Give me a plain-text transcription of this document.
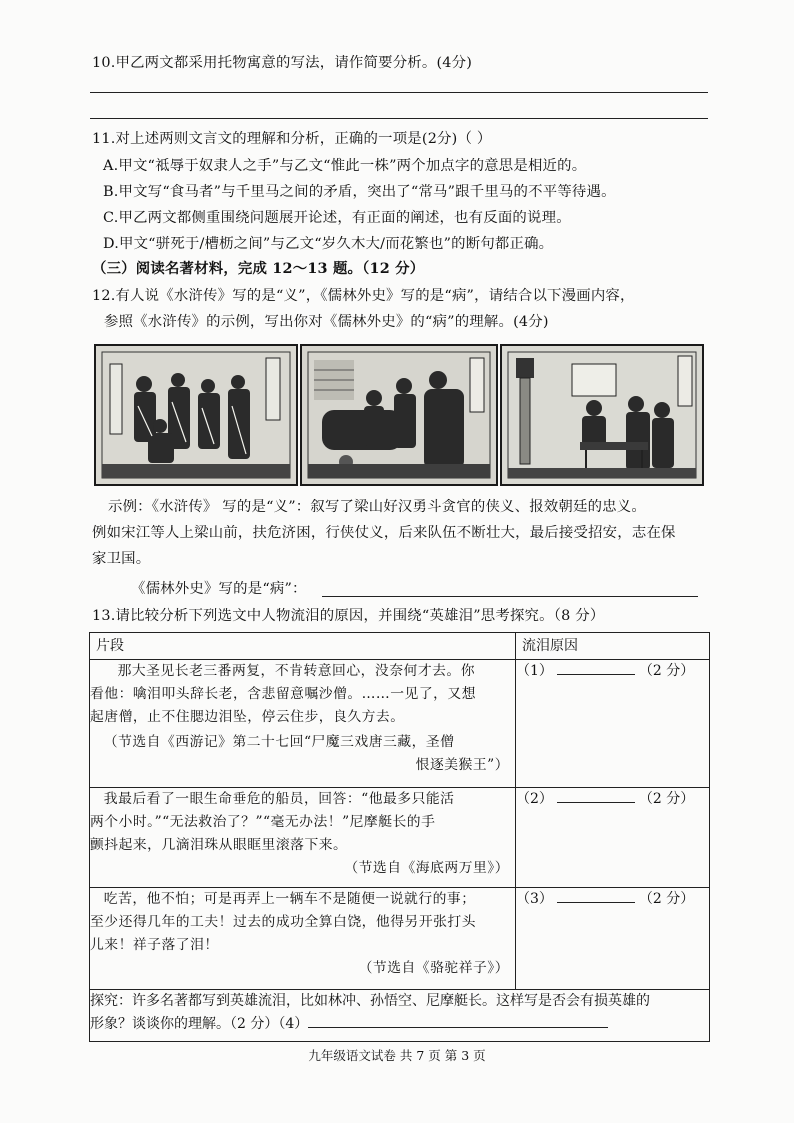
10.甲乙两文都采用托物寓意的写法，请作简要分析。(4分)
11.对上述两则文言文的理解和分析，正确的一项是(2分)（ ）
A.甲文“祗辱于奴隶人之手”与乙文“惟此一株”两个加点字的意思是相近的。
B.甲文写“食马者”与千里马之间的矛盾，突出了“常马”跟千里马的不平等待遇。
C.甲乙两文都侧重围绕问题展开论述，有正面的阐述，也有反面的说理。
D.甲文“骈死于/槽枥之间”与乙文“岁久木大/而花繁也”的断句都正确。
（三）阅读名著材料，完成 12～13 题。（12 分）
12.有人说《水浒传》写的是“义”，《儒林外史》写的是“病”，请结合以下漫画内容，
参照《水浒传》的示例，写出你对《儒林外史》的“病”的理解。(4分)
示例：《水浒传》 写的是“义”：叙写了梁山好汉勇斗贪官的侠义、报效朝廷的忠义。
例如宋江等人上梁山前，扶危济困，行侠仗义，后来队伍不断壮大，最后接受招安，志在保
家卫国。
《儒林外史》写的是“病”：
13.请比较分析下列选文中人物流泪的原因，并围绕“英雄泪”思考探究。（8 分）
片段	流泪原因

那大圣见长老三番两复，不肯转意回心，没奈何才去。你

看他：噙泪叩头辞长老，含悲留意嘱沙僧。……一见了，又想

起唐僧，止不住腮边泪坠，停云住步，良久方去。

（节选自《西游记》第二十七回“尸魔三戏唐三藏，圣僧

恨逐美猴王”）	（1） （2 分）

我最后看了一眼生命垂危的船员，回答：“他最多只能活

两个小时。”“无法救治了？”“毫无办法！”尼摩艇长的手

颤抖起来，几滴泪珠从眼眶里滚落下来。

（节选自《海底两万里》）	（2） （2 分）

吃苦，他不怕；可是再弄上一辆车不是随便一说就行的事；

至少还得几年的工夫！过去的成功全算白饶，他得另开张打头

儿来！祥子落了泪！

（节选自《骆驼祥子》）	（3） （2 分）

探究：许多名著都写到英雄流泪，比如林冲、孙悟空、尼摩艇长。这样写是否会有损英雄的
形象？谈谈你的理解。（2 分）（4）	
九年级语文试卷 共 7 页 第 3 页
